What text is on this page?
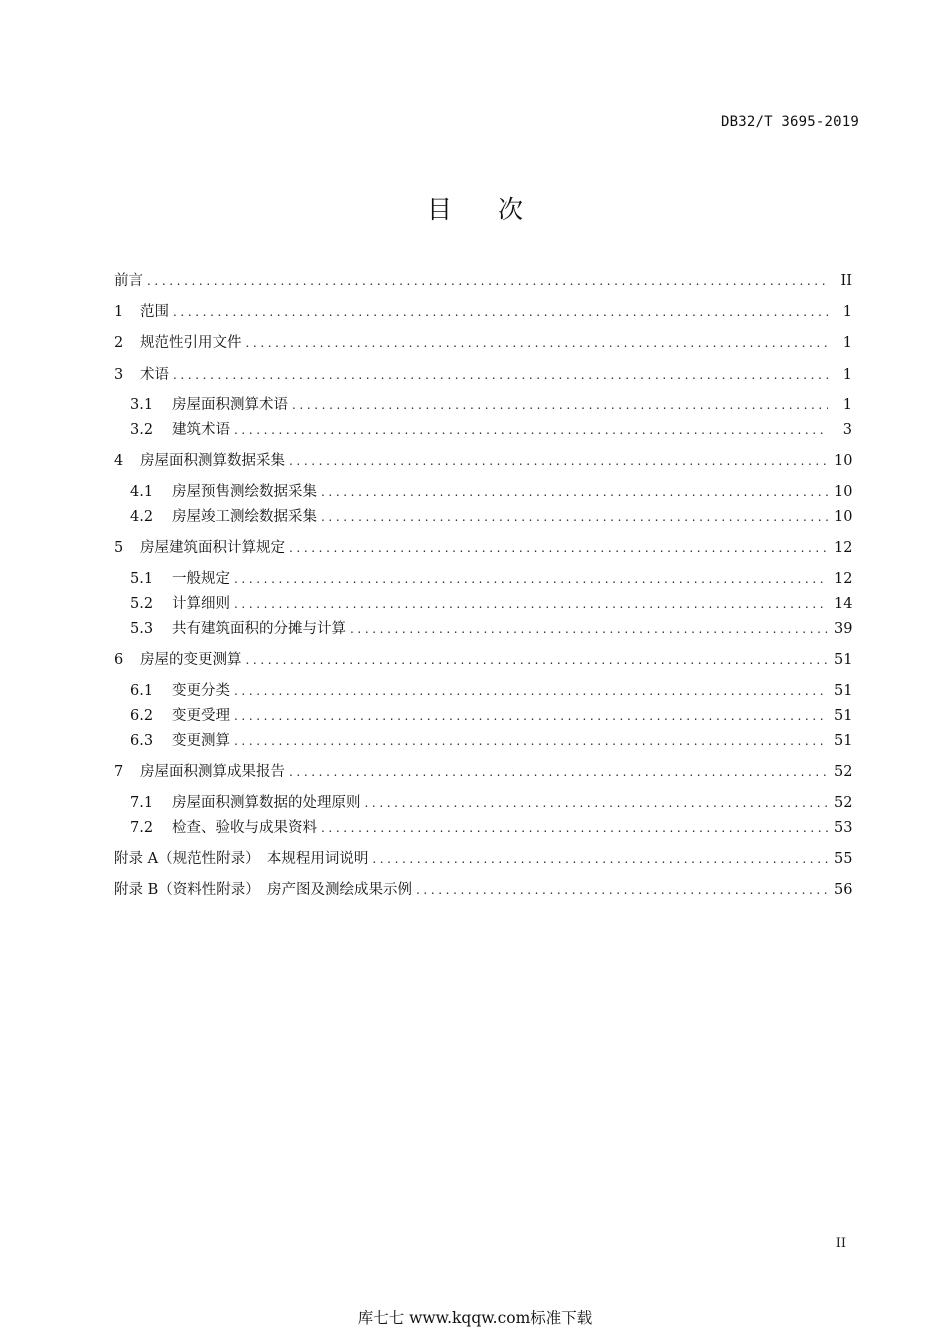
DB32/T 3695-2019
目 次
前言 .....	II
1	范围 .....	1
2	规范性引用文件 .....	1
3	术语 .....	1
3.1	房屋面积测算术语 .....	1
3.2	建筑术语 .....	3
4	房屋面积测算数据采集 .....	10
4.1	房屋预售测绘数据采集 .....	10
4.2	房屋竣工测绘数据采集 .....	10
5	房屋建筑面积计算规定 .....	12
5.1	一般规定 .....	12
5.2	计算细则 .....	14
5.3	共有建筑面积的分摊与计算 .....	39
6	房屋的变更测算 .....	51
6.1	变更分类 .....	51
6.2	变更受理 .....	51
6.3	变更测算 .....	51
7	房屋面积测算成果报告 .....	52
7.1	房屋面积测算数据的处理原则 .....	52
7.2	检查、验收与成果资料 .....	53
附录 A（规范性附录）　本规程用词说明 .....	55
附录 B（资料性附录）　房产图及测绘成果示例 .....	56
II
库七七 www.kqqw.com标准下载
